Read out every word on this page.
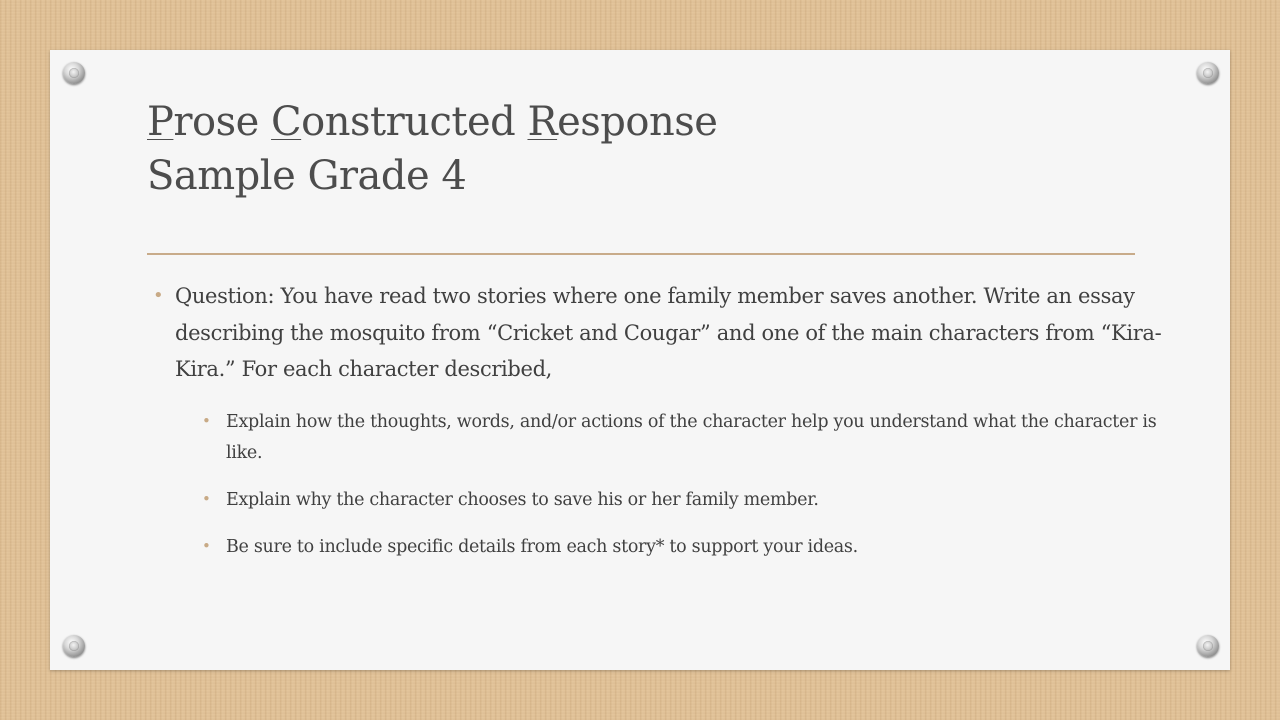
Prose Constructed Response
Sample Grade 4
• Question: You have read two stories where one family member saves another. Write an essay describing the mosquito from “Cricket and Cougar” and one of the main characters from “Kira-Kira.” For each character described,
• Explain how the thoughts, words, and/or actions of the character help you understand what the character is like.
• Explain why the character chooses to save his or her family member.
• Be sure to include specific details from each story* to support your ideas.
